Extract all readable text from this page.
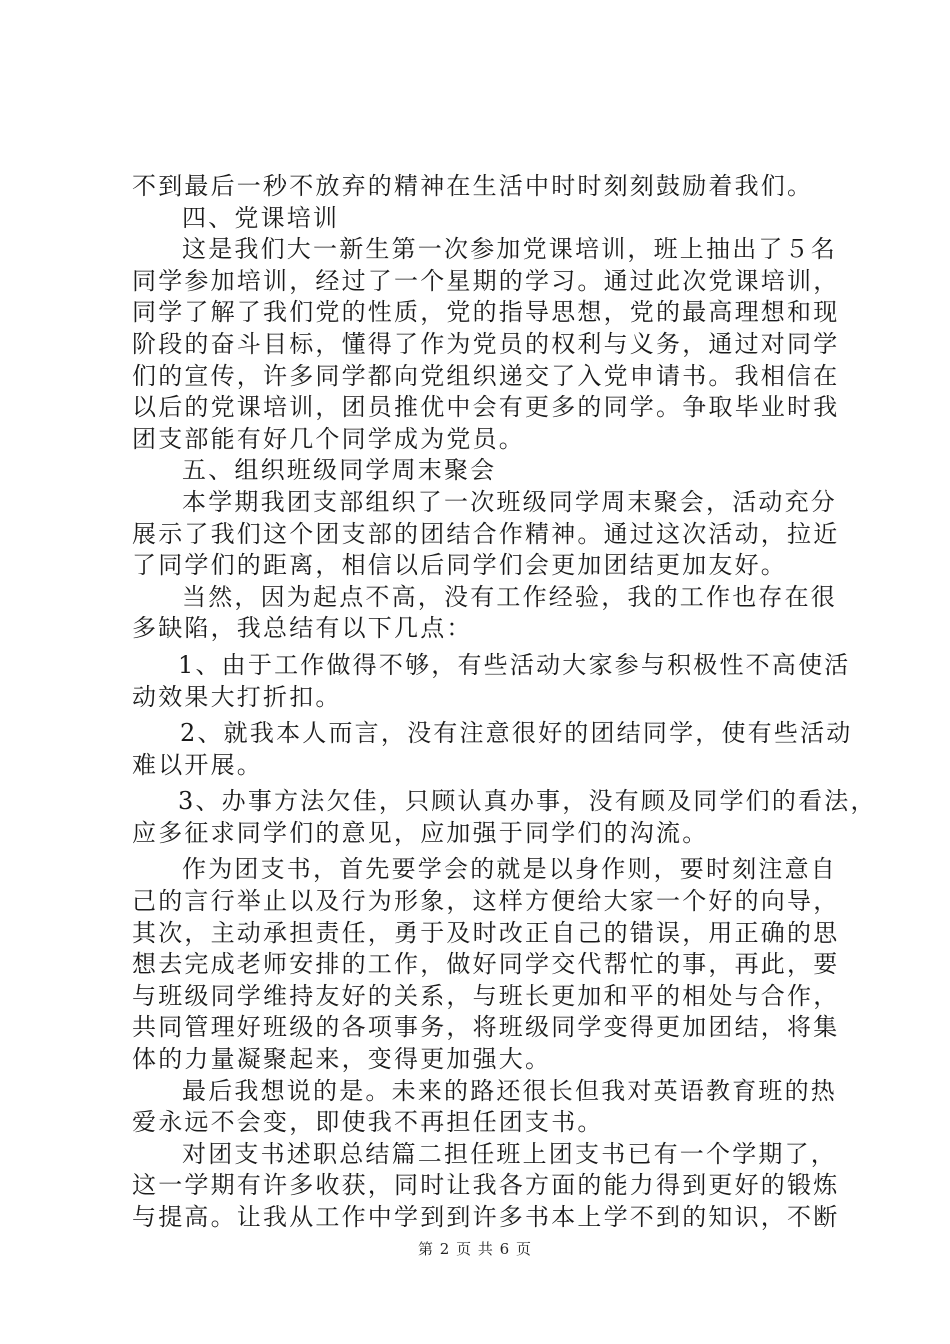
不到最后一秒不放弃的精神在生活中时时刻刻鼓励着我们。
四、党课培训
这是我们大一新生第一次参加党课培训，班上抽出了５名
同学参加培训，经过了一个星期的学习。通过此次党课培训，
同学了解了我们党的性质，党的指导思想，党的最高理想和现
阶段的奋斗目标，懂得了作为党员的权利与义务，通过对同学
们的宣传，许多同学都向党组织递交了入党申请书。我相信在
以后的党课培训，团员推优中会有更多的同学。争取毕业时我
团支部能有好几个同学成为党员。
五、组织班级同学周末聚会
本学期我团支部组织了一次班级同学周末聚会，活动充分
展示了我们这个团支部的团结合作精神。通过这次活动，拉近
了同学们的距离，相信以后同学们会更加团结更加友好。
当然，因为起点不高，没有工作经验，我的工作也存在很
多缺陷，我总结有以下几点：
1、由于工作做得不够，有些活动大家参与积极性不高使活
动效果大打折扣。
2、就我本人而言，没有注意很好的团结同学，使有些活动
难以开展。
3、办事方法欠佳，只顾认真办事，没有顾及同学们的看法，
应多征求同学们的意见，应加强于同学们的沟流。
作为团支书，首先要学会的就是以身作则，要时刻注意自
己的言行举止以及行为形象，这样方便给大家一个好的向导，
其次，主动承担责任，勇于及时改正自己的错误，用正确的思
想去完成老师安排的工作，做好同学交代帮忙的事，再此，要
与班级同学维持友好的关系，与班长更加和平的相处与合作，
共同管理好班级的各项事务，将班级同学变得更加团结，将集
体的力量凝聚起来，变得更加强大。
最后我想说的是。未来的路还很长但我对英语教育班的热
爱永远不会变，即使我不再担任团支书。
对团支书述职总结篇二担任班上团支书已有一个学期了，
这一学期有许多收获，同时让我各方面的能力得到更好的锻炼
与提高。让我从工作中学到到许多书本上学不到的知识，不断
第 2 页 共 6 页
